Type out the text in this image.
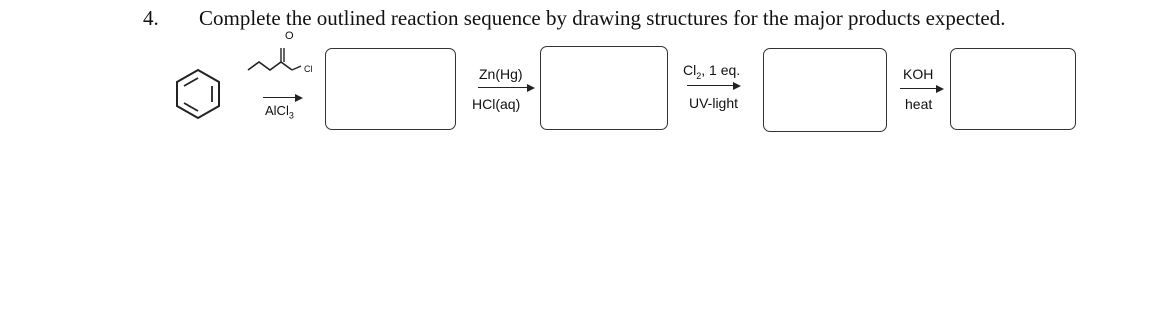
4. Complete the outlined reaction sequence by drawing structures for the major products expected.
O
Cl
AlCl$_3$
Zn(Hg)
HCl(aq)
$Cl_2$, 1 eq.
UV-light
KOH
heat
